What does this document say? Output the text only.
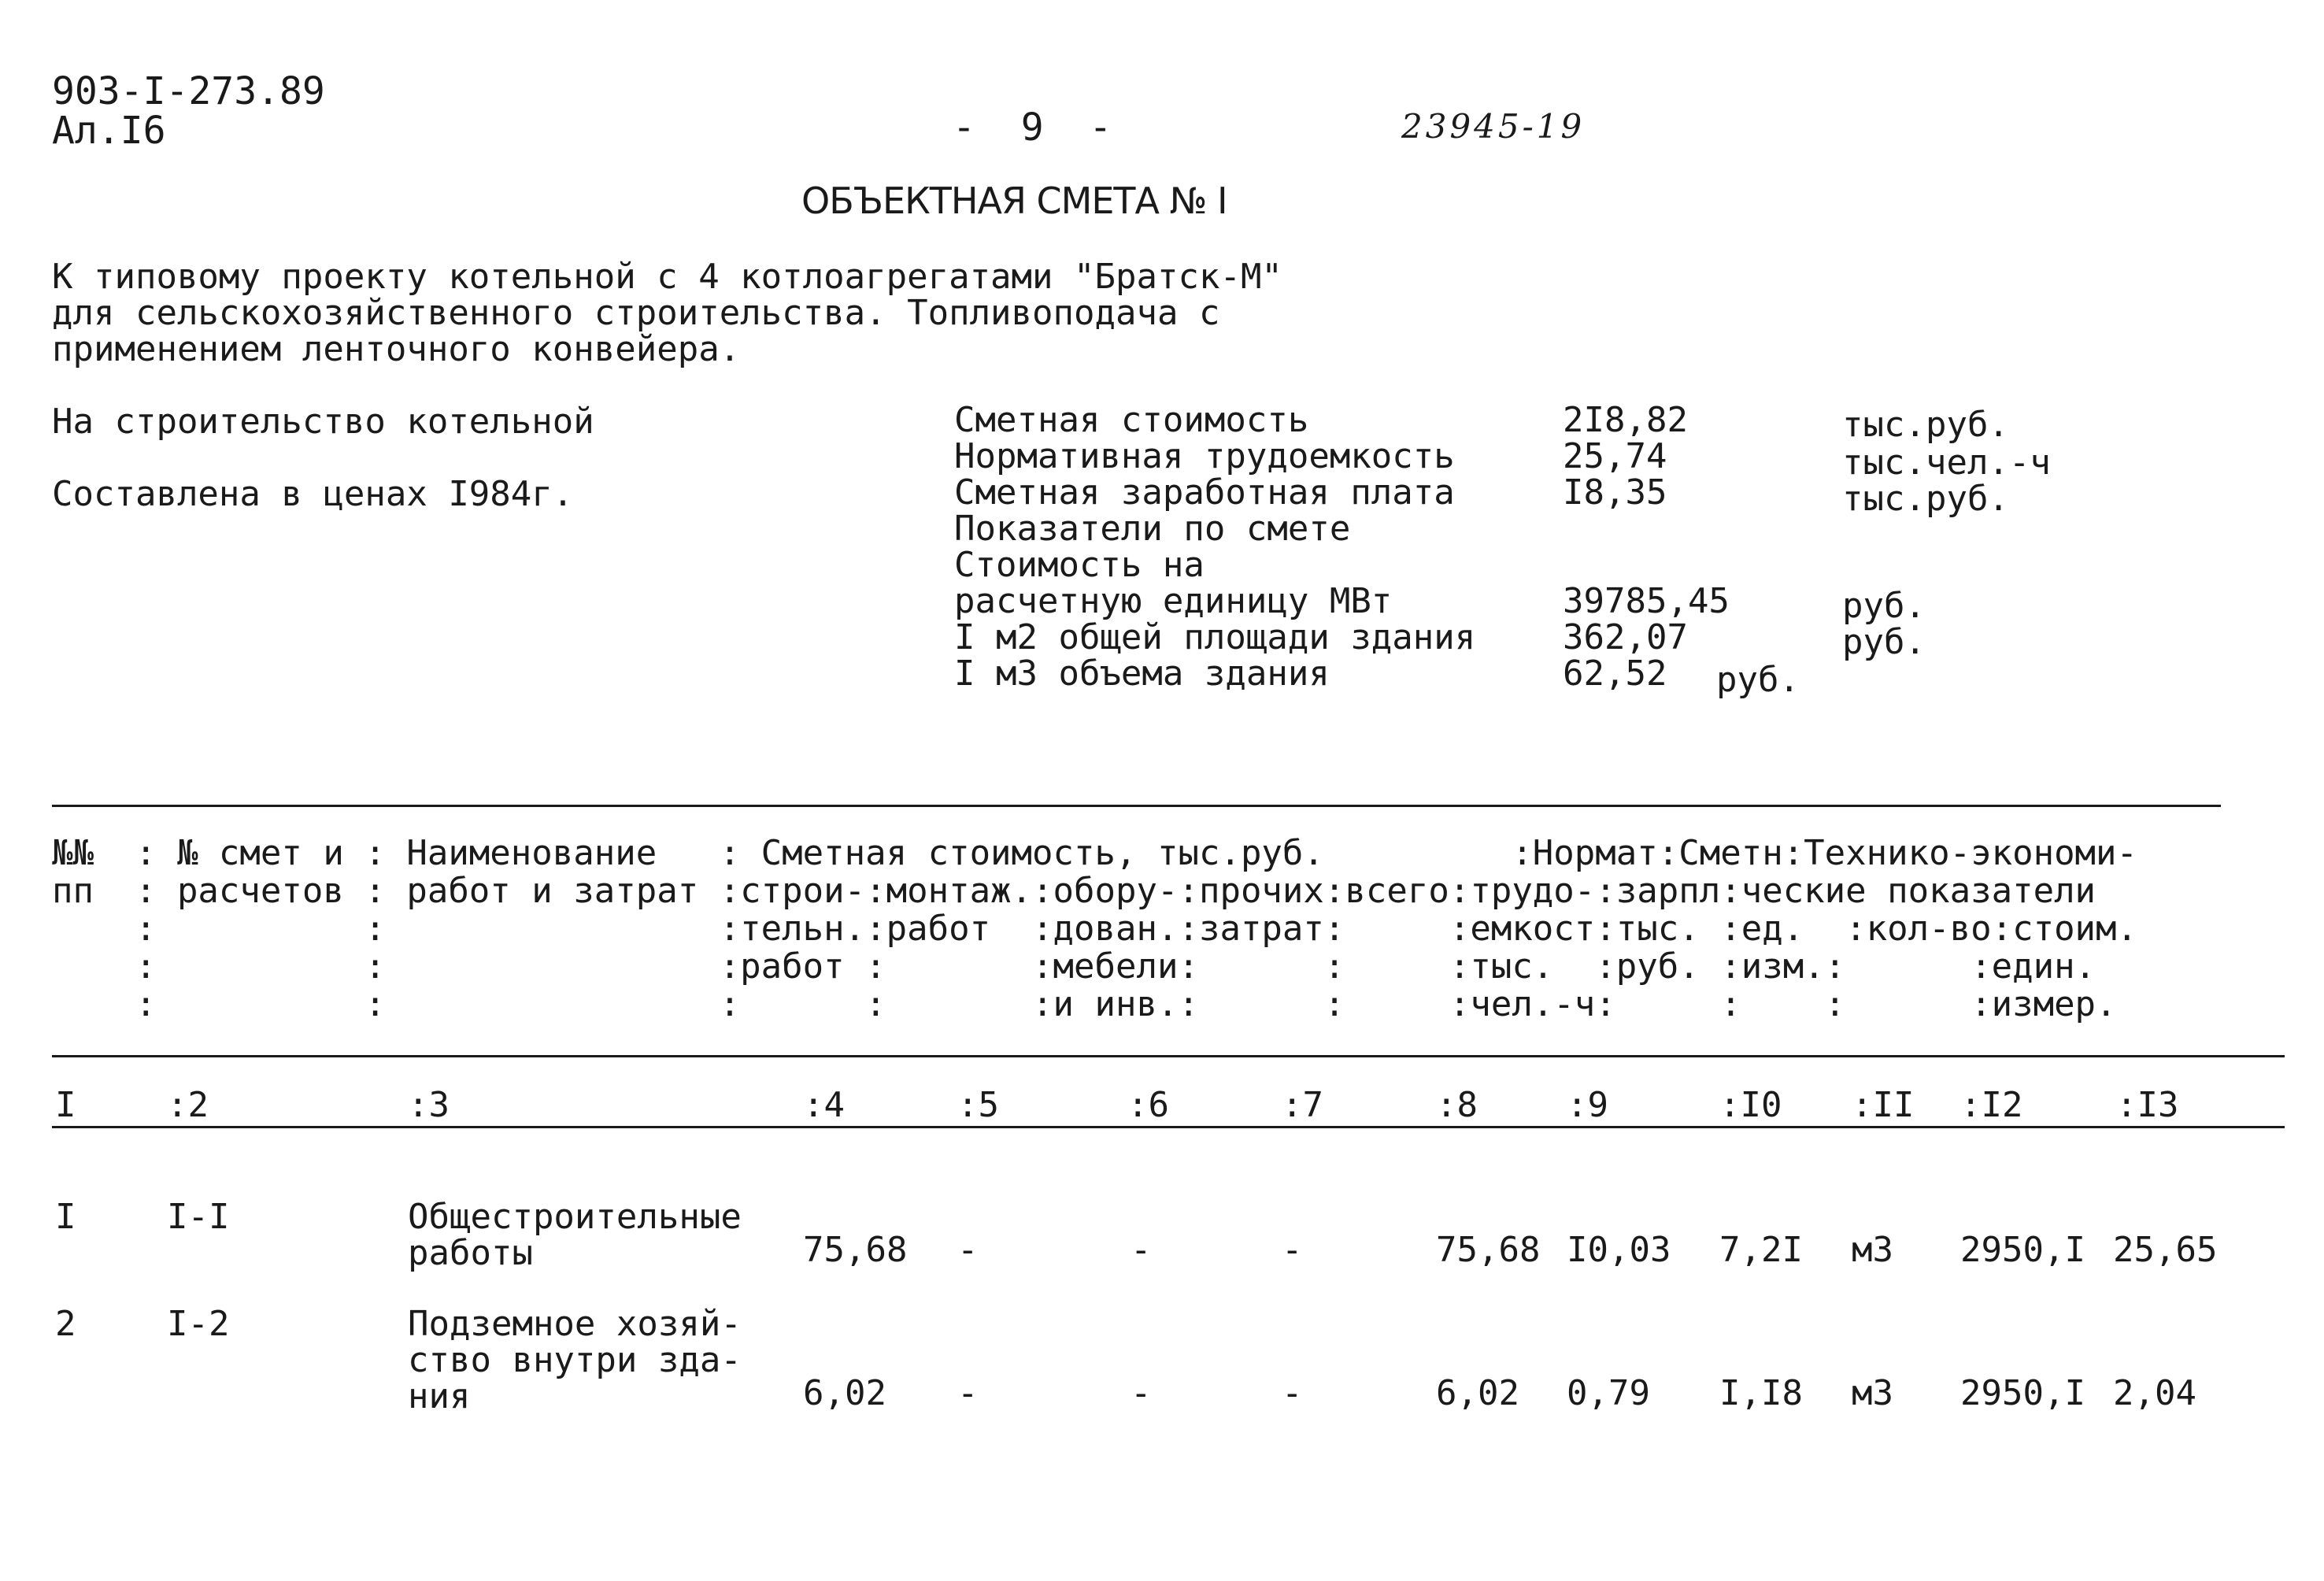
903-I-273.89
Ал.I6	-  9  -	23945-19
ОБЪЕКТНАЯ СМЕТА № I
К типовому проекту котельной с 4 котлоагрегатами "Братск-М"
для сельскохозяйственного строительства. Топливоподача с
применением ленточного конвейера.
На строительство котельной
Составлена в ценах I984г.
Сметная стоимость	2I8,82	тыс.руб.
Нормативная трудоемкость	25,74	тыс.чел.-ч
Сметная заработная плата	I8,35	тыс.руб.
Показатели по смете
Стоимость на
расчетную единицу МВт	39785,45	руб.
I м2 общей площади здания	362,07	руб.
I м3 объема здания	62,52 руб.
№№  : № смет и : Наименование   : Сметная стоимость, тыс.руб.         :Нормат:Сметн:Технико-экономи-
пп  : расчетов : работ и затрат :строи-:монтаж.:обору-:прочих:всего:трудо-:зарпл:ческие показатели
:          :                :тельн.:работ  :дован.:затрат:     :емкост:тыс. :ед.  :кол-во:стоим.
:          :                :работ :       :мебели:      :     :тыс.  :руб. :изм.:      :един.
:          :                :      :       :и инв.:      :     :чел.-ч:     :    :      :измер.
I	:2	:3	:4	:5	:6	:7	:8	:9	:I0 :II :I2	:I3
I	I-I	Общестроительные
работы	75,68 -	-	-	75,68 I0,03 7,2I м3 2950,I 25,65
2	I-2	Подземное хозяй-
ство внутри зда-
ния	6,02 -	-	-	6,02 0,79 I,I8 м3 2950,I 2,04
